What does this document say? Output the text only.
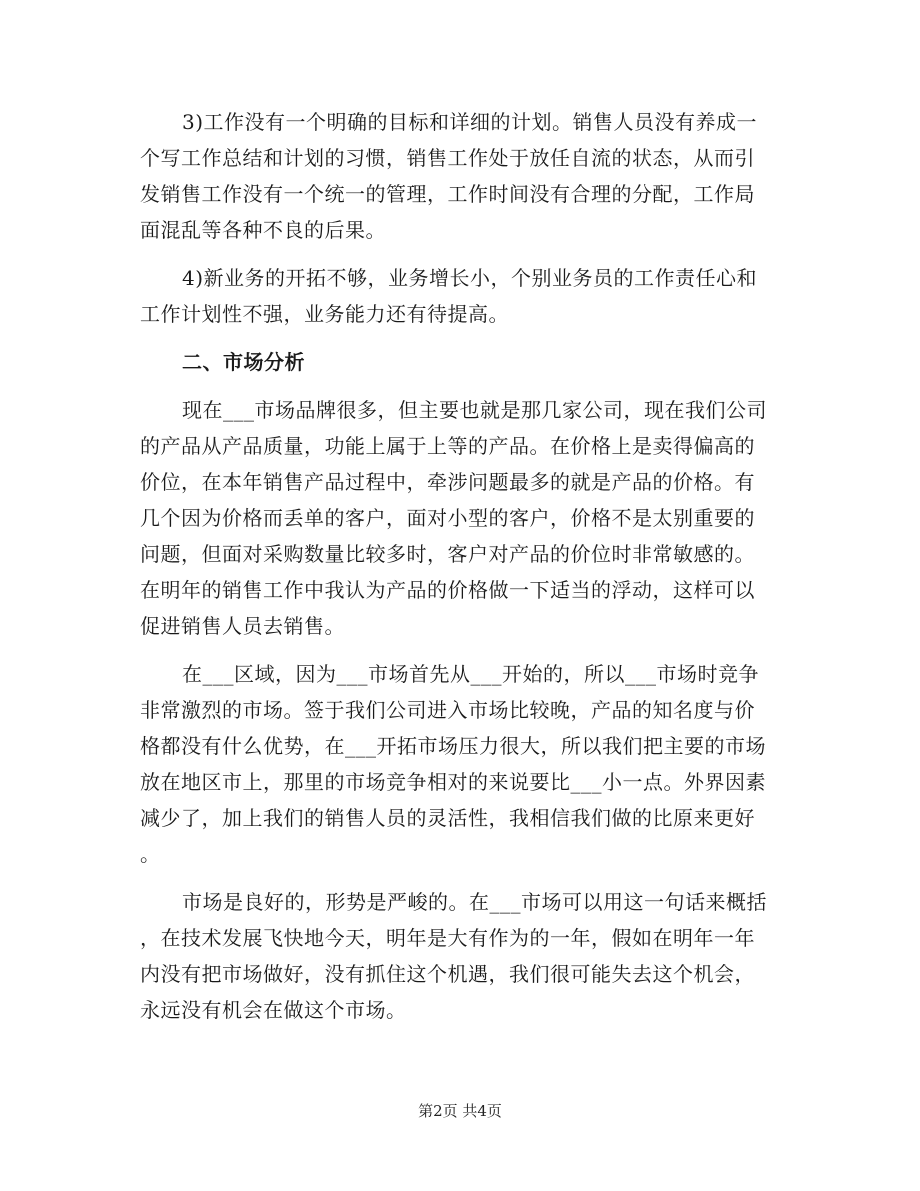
3)工作没有一个明确的目标和详细的计划。销售人员没有养成一
个写工作总结和计划的习惯，销售工作处于放任自流的状态，从而引
发销售工作没有一个统一的管理，工作时间没有合理的分配，工作局
面混乱等各种不良的后果。
4)新业务的开拓不够，业务增长小，个别业务员的工作责任心和
工作计划性不强，业务能力还有待提高。
二、市场分析
现在___市场品牌很多，但主要也就是那几家公司，现在我们公司
的产品从产品质量，功能上属于上等的产品。在价格上是卖得偏高的
价位，在本年销售产品过程中，牵涉问题最多的就是产品的价格。有
几个因为价格而丢单的客户，面对小型的客户，价格不是太别重要的
问题，但面对采购数量比较多时，客户对产品的价位时非常敏感的。
在明年的销售工作中我认为产品的价格做一下适当的浮动，这样可以
促进销售人员去销售。
在___区域，因为___市场首先从___开始的，所以___市场时竞争
非常激烈的市场。签于我们公司进入市场比较晚，产品的知名度与价
格都没有什么优势，在___开拓市场压力很大，所以我们把主要的市场
放在地区市上，那里的市场竞争相对的来说要比___小一点。外界因素
减少了，加上我们的销售人员的灵活性，我相信我们做的比原来更好
。
市场是良好的，形势是严峻的。在___市场可以用这一句话来概括
，在技术发展飞快地今天，明年是大有作为的一年，假如在明年一年
内没有把市场做好，没有抓住这个机遇，我们很可能失去这个机会，
永远没有机会在做这个市场。
第2页 共4页
